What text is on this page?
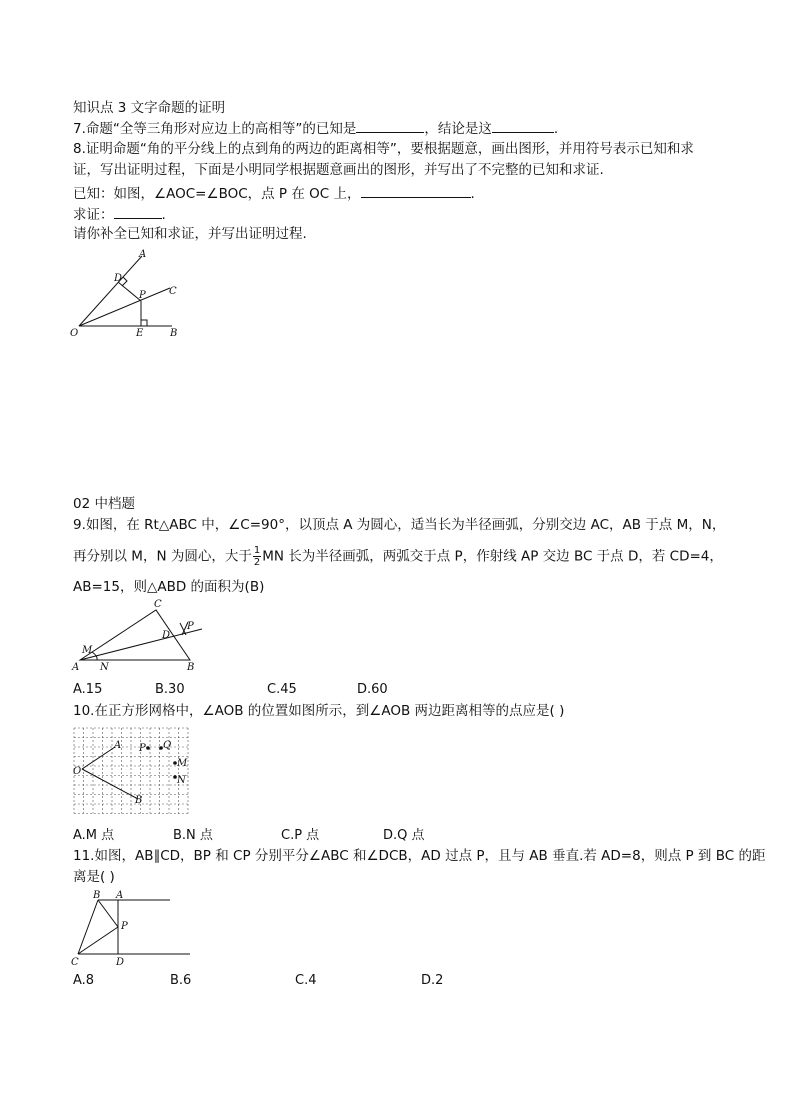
知识点 3 文字命题的证明
7.命题“全等三角形对应边上的高相等”的已知是	，结论是这	.
8.证明命题“角的平分线上的点到角的两边的距离相等”，要根据题意，画出图形，并用符号表示已知和求
证，写出证明过程，下面是小明同学根据题意画出的图形，并写出了不完整的已知和求证.
已知：如图，∠AOC=∠BOC，点 P 在 OC 上，	.
求证：	.
请你补全已知和求证，并写出证明过程.
A
D
P C
O	E	B
02 中档题
9.如图，在 Rt△ABC 中，∠C=90°，以顶点 A 为圆心，适当长为半径画弧，分别交边 AC，AB 于点 M，N，
再分别以 M，N 为圆心，大于 $\frac{1}{2}$ MN 长为半径画弧，两弧交于点 P，作射线 AP 交边 BC 于点 D，若 CD=4，
AB=15，则△ABD 的面积为(B)
C
D
P
M
A N	B
A.15	B.30	C.45	D.60
10.在正方形网格中，∠AOB 的位置如图所示，到∠AOB 两边距离相等的点应是( )
A P Q
O
M
N
B
A.M 点	B.N 点	C.P 点	D.Q 点
11.如图，AB∥CD，BP 和 CP 分别平分∠ABC 和∠DCB，AD 过点 P，且与 AB 垂直.若 AD=8，则点 P 到 BC 的距
离是( )
B A
P
C	D
A.8	B.6	C.4	D.2
